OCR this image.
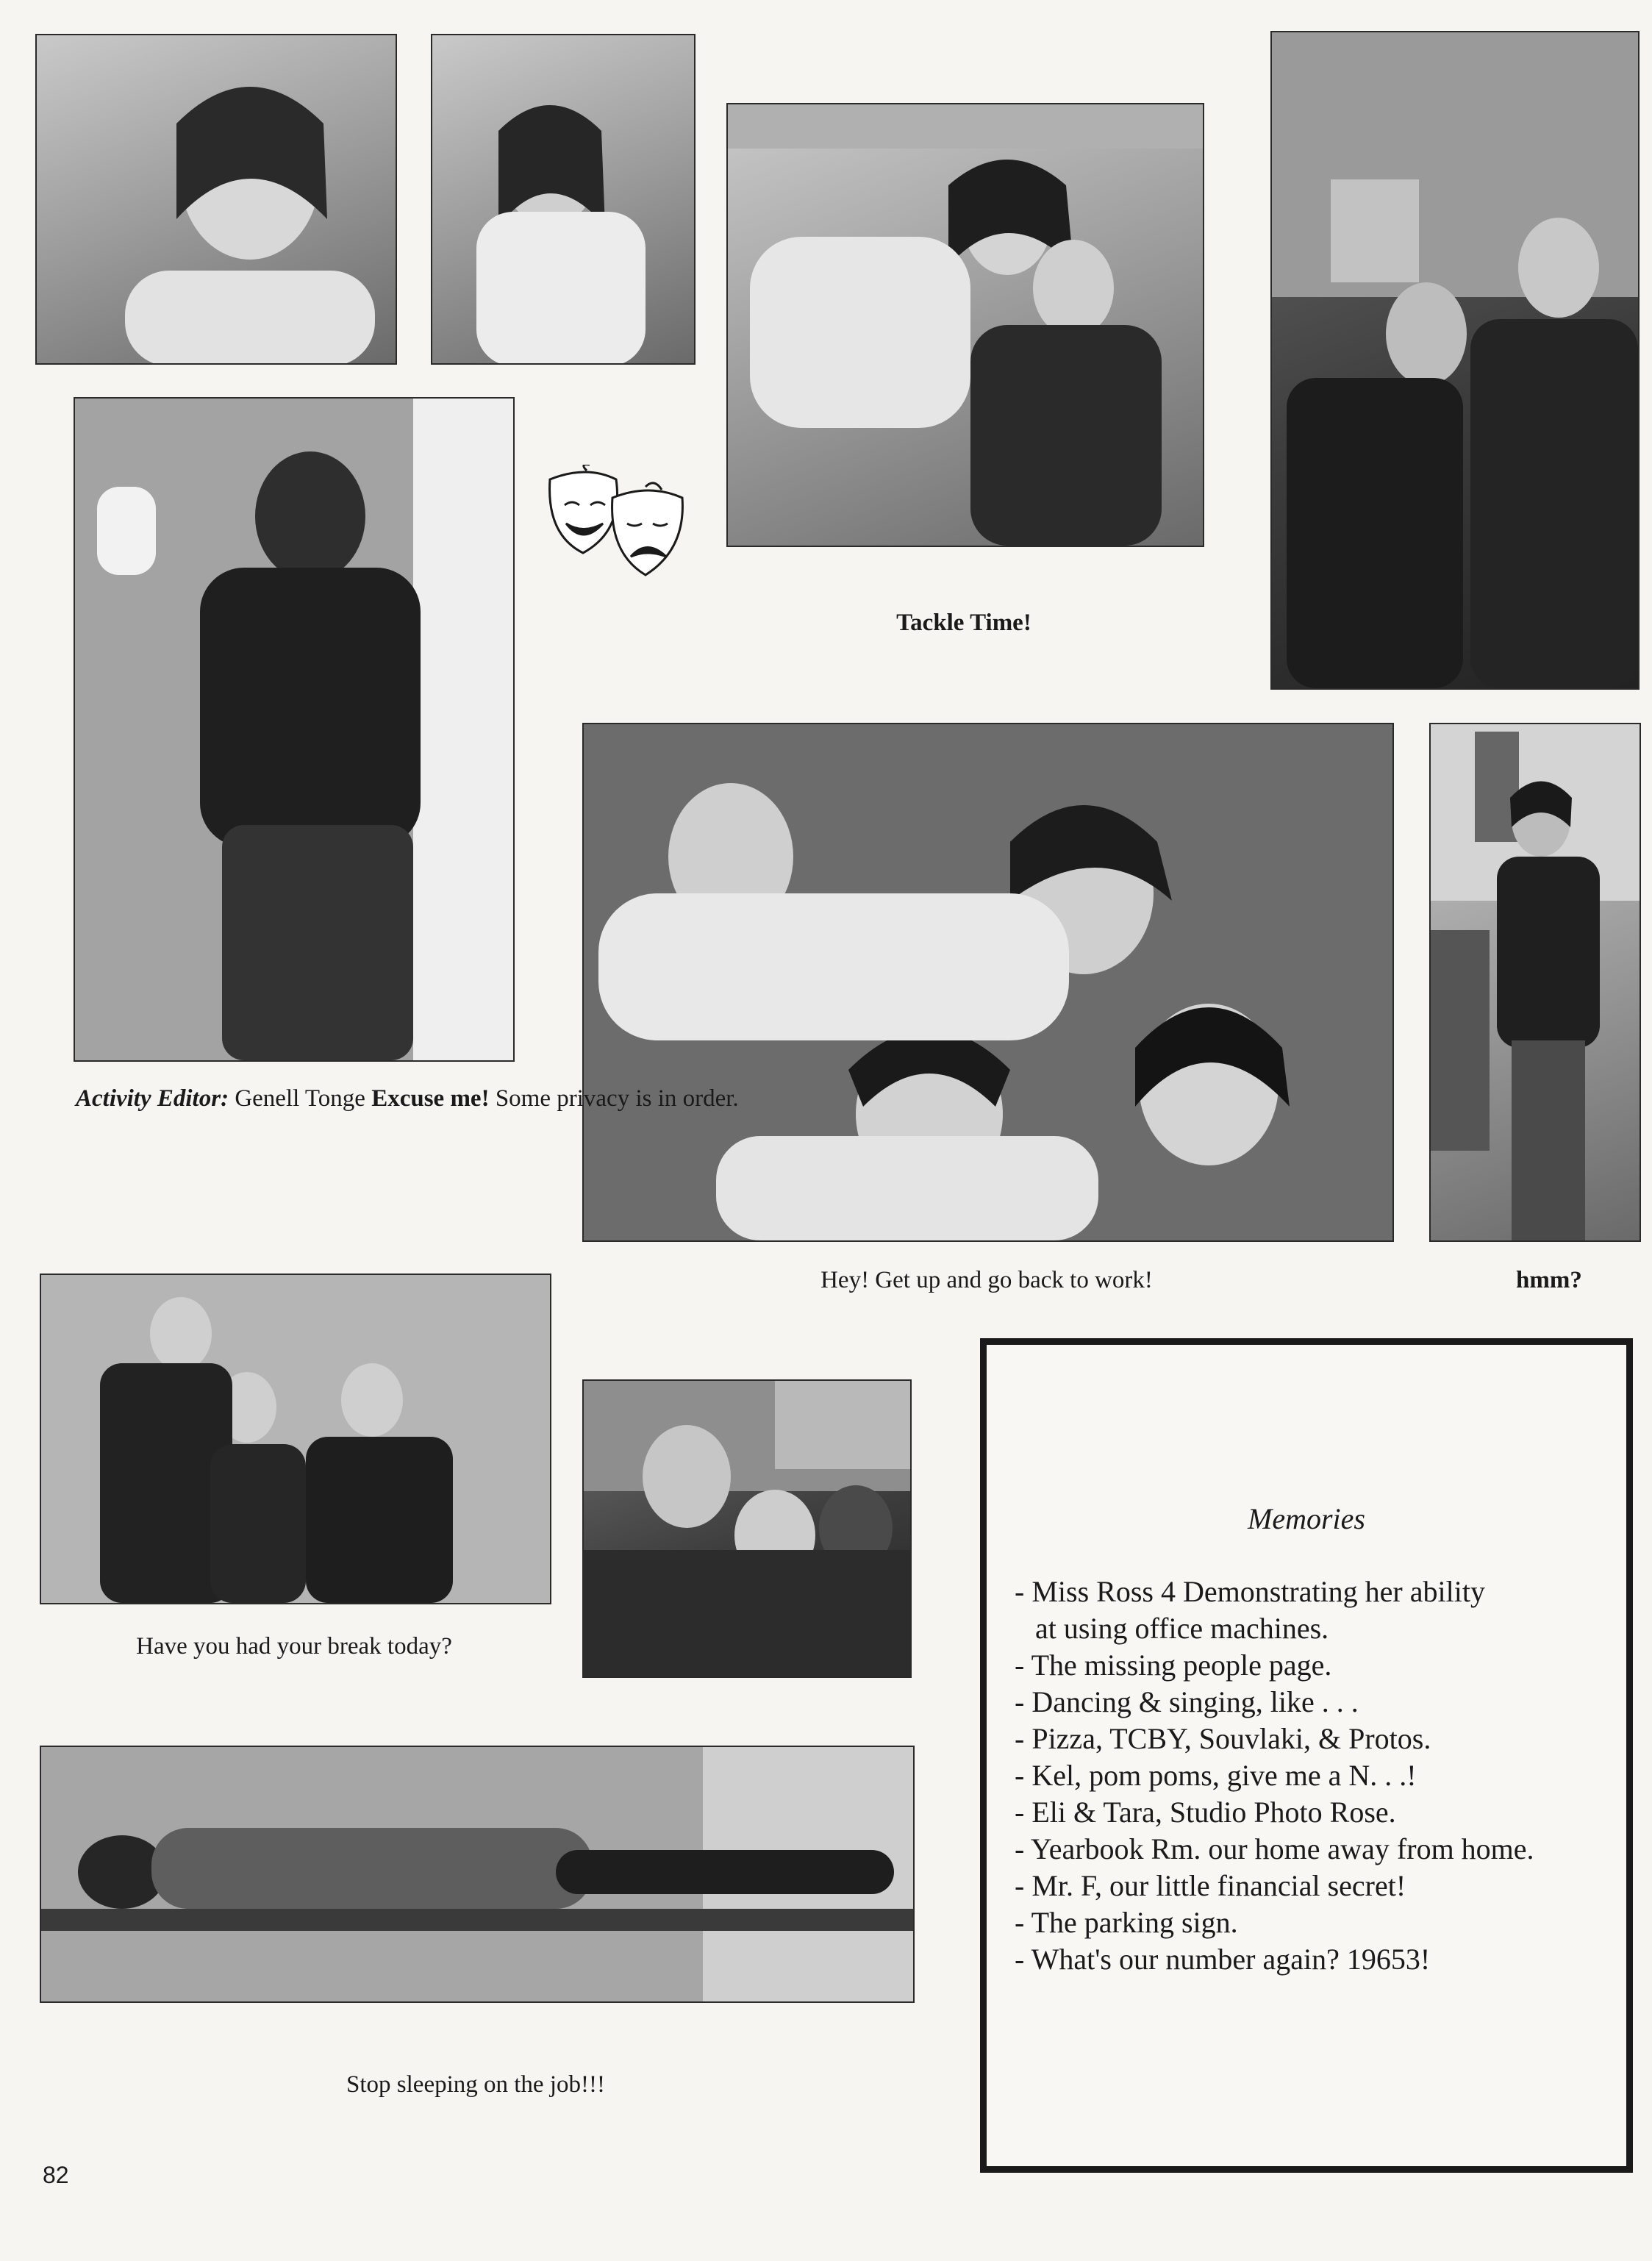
Tackle Time!
Activity Editor: Genell Tonge Excuse me! Some privacy is in order.
Hey! Get up and go back to work!	hmm?
Have you had your break today?
Stop sleeping on the job!!!
Memories
- Miss Ross 4 Demonstrating her ability
at using office machines.
- The missing people page.
- Dancing & singing, like . . .
- Pizza, TCBY, Souvlaki, & Protos.
- Kel, pom poms, give me a N. . .!
- Eli & Tara, Studio Photo Rose.
- Yearbook Rm. our home away from home.
- Mr. F, our little financial secret!
- The parking sign.
- What's our number again? 19653!
82
